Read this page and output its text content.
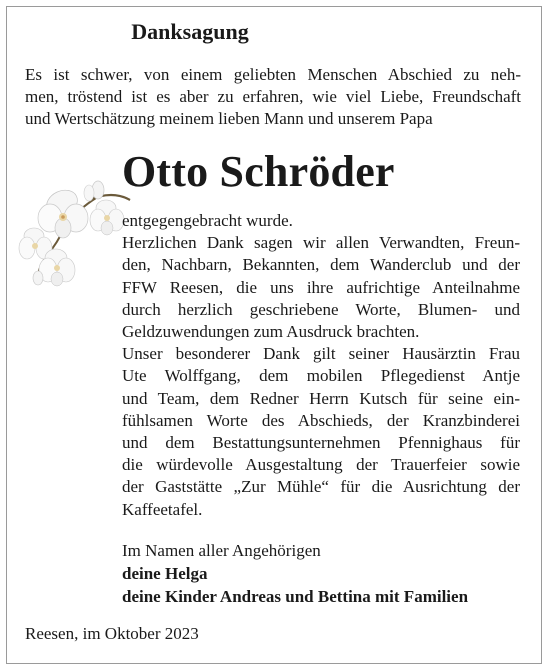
Danksagung
Es ist schwer, von einem geliebten Menschen Abschied zu neh-
men, tröstend ist es aber zu erfahren, wie viel Liebe, Freundschaft
und Wertschätzung meinem lieben Mann und unserem Papa
Otto Schröder
entgegengebracht wurde.
Herzlichen Dank sagen wir allen Verwandten, Freun-
den, Nachbarn, Bekannten, dem Wanderclub und der
FFW Reesen, die uns ihre aufrichtige Anteilnahme
durch herzlich geschriebene Worte, Blumen- und
Geldzuwendungen zum Ausdruck brachten.
Unser besonderer Dank gilt seiner Hausärztin Frau
Ute Wolffgang, dem mobilen Pflegedienst Antje
und Team, dem Redner Herrn Kutsch für seine ein-
fühlsamen Worte des Abschieds, der Kranzbinderei
und dem Bestattungsunternehmen Pfennighaus für
die würdevolle Ausgestaltung der Trauerfeier sowie
der Gaststätte „Zur Mühle“ für die Ausrichtung der
Kaffeetafel.
Im Namen aller Angehörigen
deine Helga
deine Kinder Andreas und Bettina mit Familien
Reesen, im Oktober 2023
